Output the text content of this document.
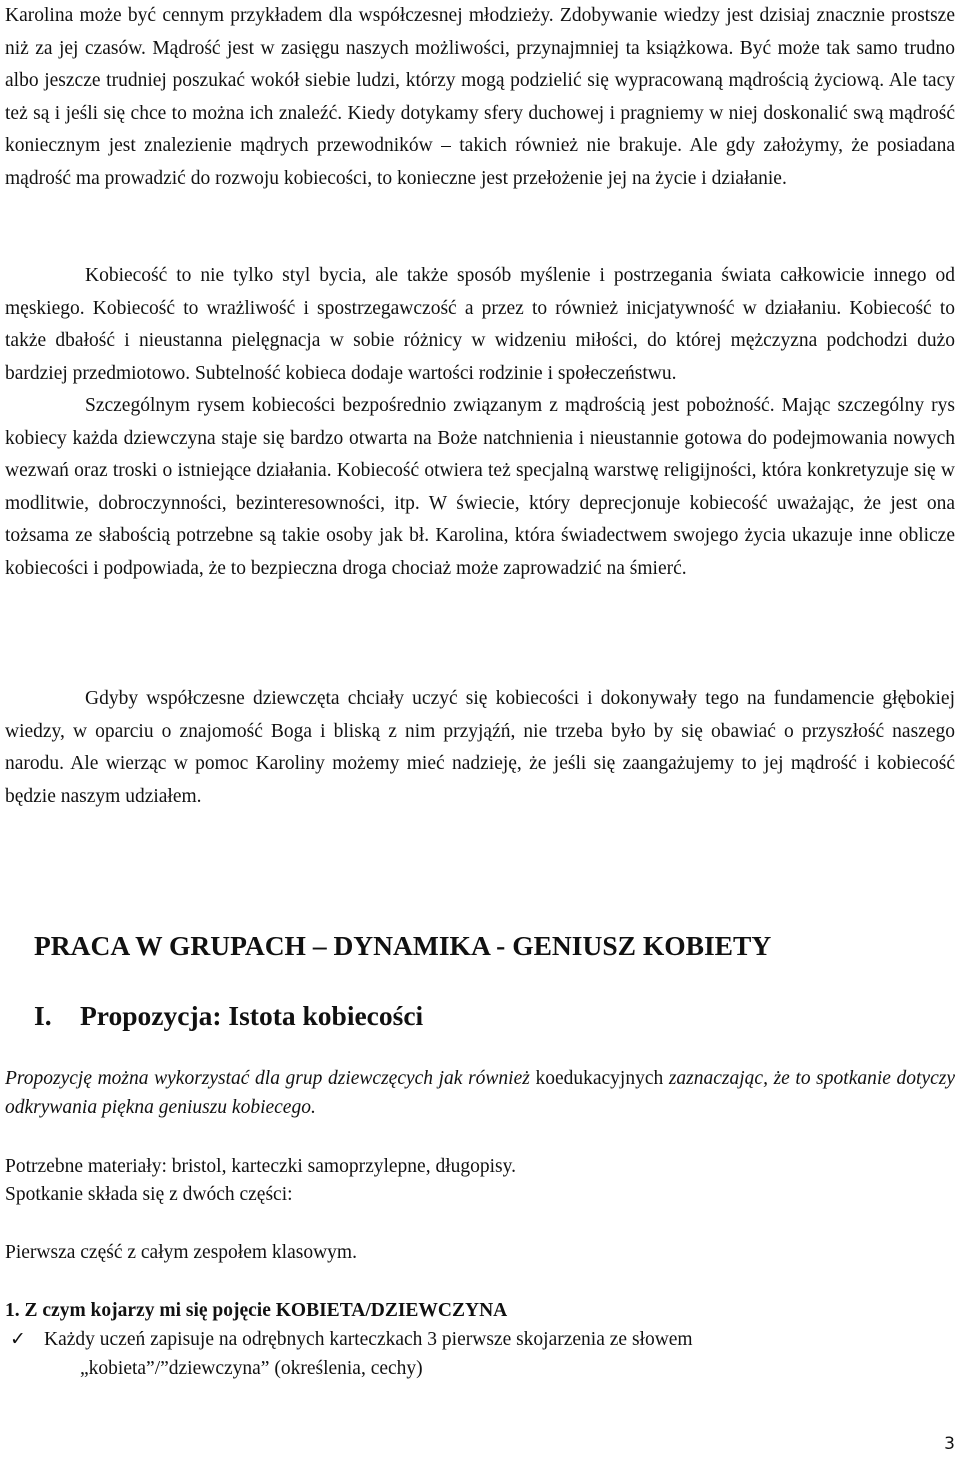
Karolina może być cennym przykładem dla współczesnej młodzieży. Zdobywanie wiedzy jest dzisiaj znacznie prostsze niż za jej czasów. Mądrość jest w zasięgu naszych możliwości, przynajmniej ta książkowa. Być może tak samo trudno albo jeszcze trudniej poszukać wokół siebie ludzi, którzy mogą podzielić się wypracowaną mądrością życiową. Ale tacy też są i jeśli się chce to można ich znaleźć. Kiedy dotykamy sfery duchowej i pragniemy w niej doskonalić swą mądrość koniecznym jest znalezienie mądrych przewodników – takich również nie brakuje. Ale gdy założymy, że posiadana mądrość ma prowadzić do rozwoju kobiecości, to konieczne jest przełożenie jej na życie i działanie.

Kobiecość to nie tylko styl bycia, ale także sposób myślenie i postrzegania świata całkowicie innego od męskiego. Kobiecość to wrażliwość i spostrzegawczość a przez to również inicjatywność w działaniu. Kobiecość to także dbałość i nieustanna pielęgnacja w sobie różnicy w widzeniu miłości, do której mężczyzna podchodzi dużo bardziej przedmiotowo. Subtelność kobieca dodaje wartości rodzinie i społeczeństwu.

Szczególnym rysem kobiecości bezpośrednio związanym z mądrością jest pobożność. Mając szczególny rys kobiecy każda dziewczyna staje się bardzo otwarta na Boże natchnienia i nieustannie gotowa do podejmowania nowych wezwań oraz troski o istniejące działania. Kobiecość otwiera też specjalną warstwę religijności, która konkretyzuje się w modlitwie, dobroczynności, bezinteresowności, itp. W świecie, który deprecjonuje kobiecość uważając, że jest ona tożsama ze słabością potrzebne są takie osoby jak bł. Karolina, która świadectwem swojego życia ukazuje inne oblicze kobiecości i podpowiada, że to bezpieczna droga chociaż może zaprowadzić na śmierć.

Gdyby współczesne dziewczęta chciały uczyć się kobiecości i dokonywały tego na fundamencie głębokiej wiedzy, w oparciu o znajomość Boga i bliską z nim przyjąźń, nie trzeba było by się obawiać o przyszłość naszego narodu. Ale wierząc w pomoc Karoliny możemy mieć nadzieję, że jeśli się zaangażujemy to jej mądrość i kobiecość będzie naszym udziałem.

PRACA W GRUPACH – DYNAMIKA - GENIUSZ KOBIETY
I. Propozycja: Istota kobiecości

Propozycję można wykorzystać dla grup dziewczęcych jak również koedukacyjnych zaznaczając, że to spotkanie dotyczy odkrywania piękna geniuszu kobiecego.

Potrzebne materiały: bristol, karteczki samoprzylepne, długopisy.

Spotkanie składa się z dwóch części:

Pierwsza część z całym zespołem klasowym.

1. Z czym kojarzy mi się pojęcie KOBIETA/DZIEWCZYNA

✓ Każdy uczeń zapisuje na odrębnych karteczkach 3 pierwsze skojarzenia ze słowem

„kobieta”/”dziewczyna” (określenia, cechy)

3
